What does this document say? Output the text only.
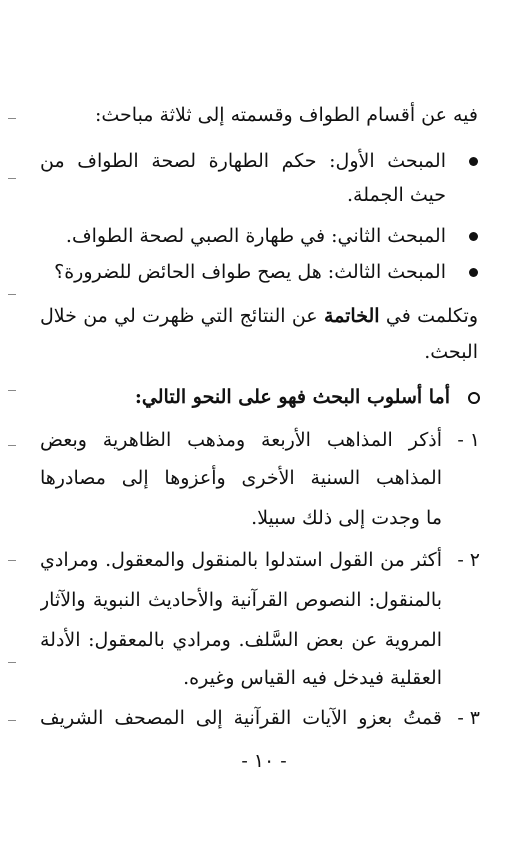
فيه عن أقسام الطواف وقسمته إلى ثلاثة مباحث:
المبحث الأول: حكم الطهارة لصحة الطواف من
حيث الجملة.
المبحث الثاني: في طهارة الصبي لصحة الطواف.
المبحث الثالث: هل يصح طواف الحائض للضرورة؟
وتكلمت في الخاتمة عن النتائج التي ظهرت لي من خلال
البحث.
أما أسلوب البحث فهو على النحو التالي:
١ -
أذكر المذاهب الأربعة ومذهب الظاهرية وبعض
المذاهب السنية الأخرى وأعزوها إلى مصادرها
ما وجدت إلى ذلك سبيلا.
٢ -
أكثر من القول استدلوا بالمنقول والمعقول. ومرادي
بالمنقول: النصوص القرآنية والأحاديث النبوية والآثار
المروية عن بعض السَّلف. ومرادي بالمعقول: الأدلة
العقلية فيدخل فيه القياس وغيره.
٣ -
قمتُ بعزو الآيات القرآنية إلى المصحف الشريف
- ١٠ -
